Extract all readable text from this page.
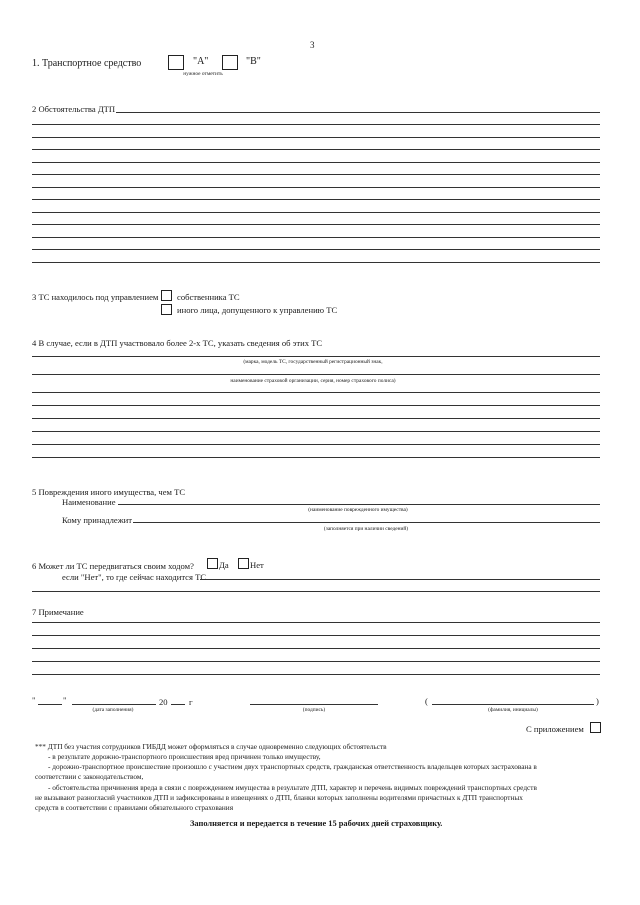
3
1. Транспортное средство	"А"	"В"
нужное отметить
2 Обстоятельства ДТП
3 ТС находилось под управлением собственника ТС
иного лица, допущенного к управлению ТС
4 В случае, если в ДТП участвовало более 2-х ТС, указать сведения об этих ТС
(марка, модель ТС, государственный регистрационный знак,
наименование страховой организации, серия, номер страхового полиса)
5 Повреждения иного имущества, чем ТС
Наименование
(наименование поврежденного имущества)
Кому принадлежит
(заполняется при наличии сведений)
6 Может ли ТС передвигаться своим ходом?	Да Нет
если "Нет", то где сейчас находится ТС
7 Примечание
"	"	20 г
(дата заполнения)	(подпись)
(	)
(фамилия, инициалы)
С приложением
*** ДТП без участия сотрудников ГИБДД может оформляться в случае одновременно следующих обстоятельств
- в результате дорожно-транспортного происшествия вред причинен только имуществу,
- дорожно-транспортное происшествие произошло с участием двух транспортных средств, гражданская ответственность владельцев которых застрахована в
соответствии с законодательством,
- обстоятельства причинения вреда в связи с повреждением имущества в результате ДТП, характер и перечень видимых повреждений транспортных средств
не вызывают разногласий участников ДТП и зафиксированы в извещениях о ДТП, бланки которых заполнены водителями причастных к ДТП транспортных
средств в соответствии с правилами обязательного страхования
Заполняется и передается в течение 15 рабочих дней страховщику.
